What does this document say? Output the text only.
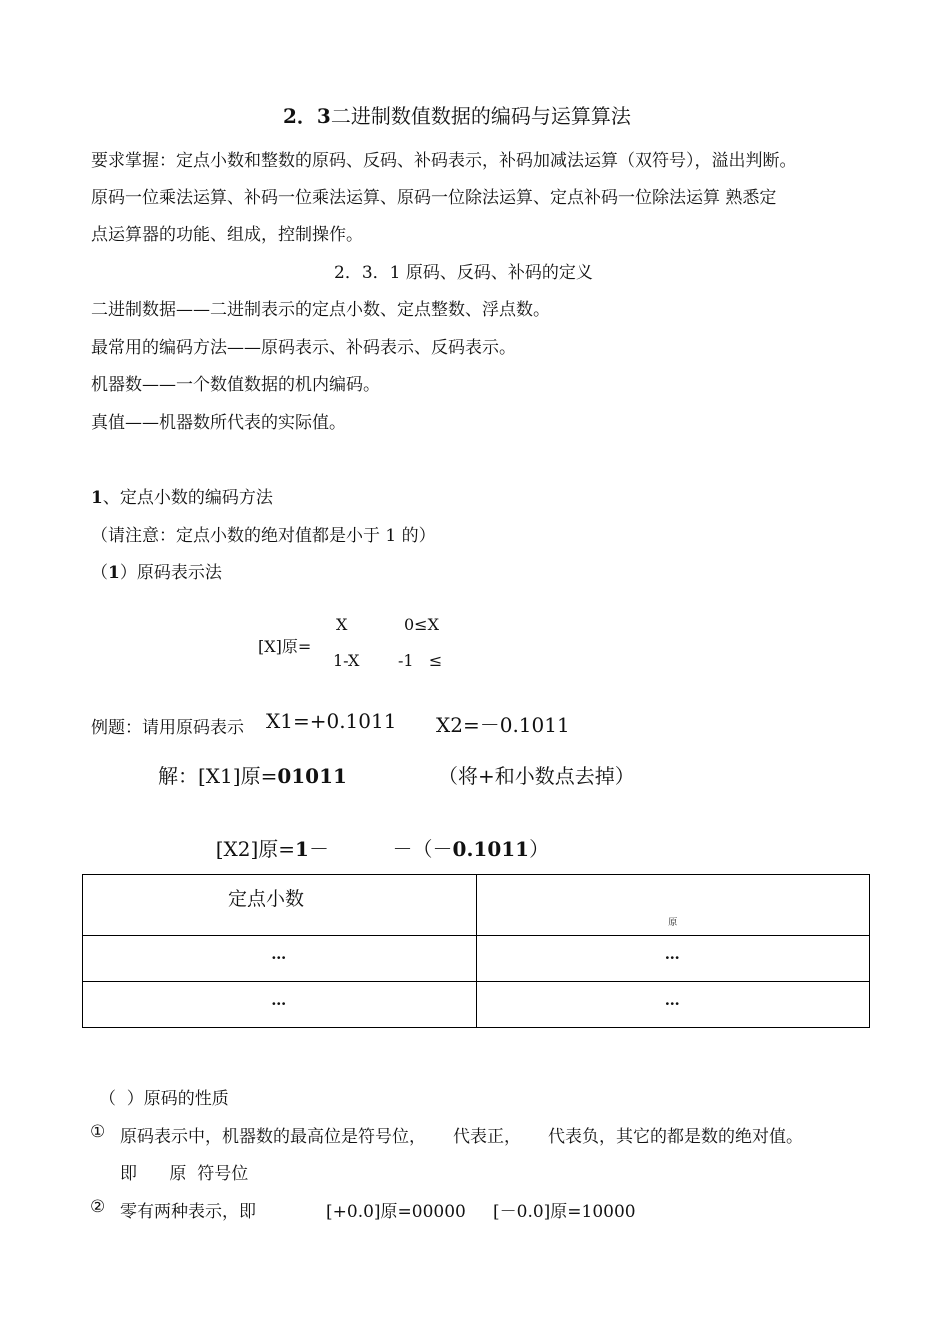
2．3二进制数值数据的编码与运算算法
要求掌握：定点小数和整数的原码、反码、补码表示，补码加减法运算（双符号），溢出判断。
原码一位乘法运算、补码一位乘法运算、原码一位除法运算、定点补码一位除法运算 熟悉定
点运算器的功能、组成，控制操作。
2．3．1 原码、反码、补码的定义
二进制数据——二进制表示的定点小数、定点整数、浮点数。
最常用的编码方法——原码表示、补码表示、反码表示。
机器数——一个数值数据的机内编码。
真值——机器数所代表的实际值。
1、定点小数的编码方法
（请注意：定点小数的绝对值都是小于 1 的）
（1）原码表示法
[X]原=
X	0≤X
1-X -1   ≤
例题：请用原码表示 X1=+0.1011 X2=－0.1011
解：[X1]原=01011	（将+和小数点去掉）

[X2]原=1－          －（－0.1011）

定点小数	原
…	…
…	…
（  ）原码的性质
① 原码表示中，机器数的最高位是符号位，     代表正，     代表负，其它的都是数的绝对值。
即      原  符号位
② 零有两种表示，即	[+0.0]原=00000 [－0.0]原=10000
